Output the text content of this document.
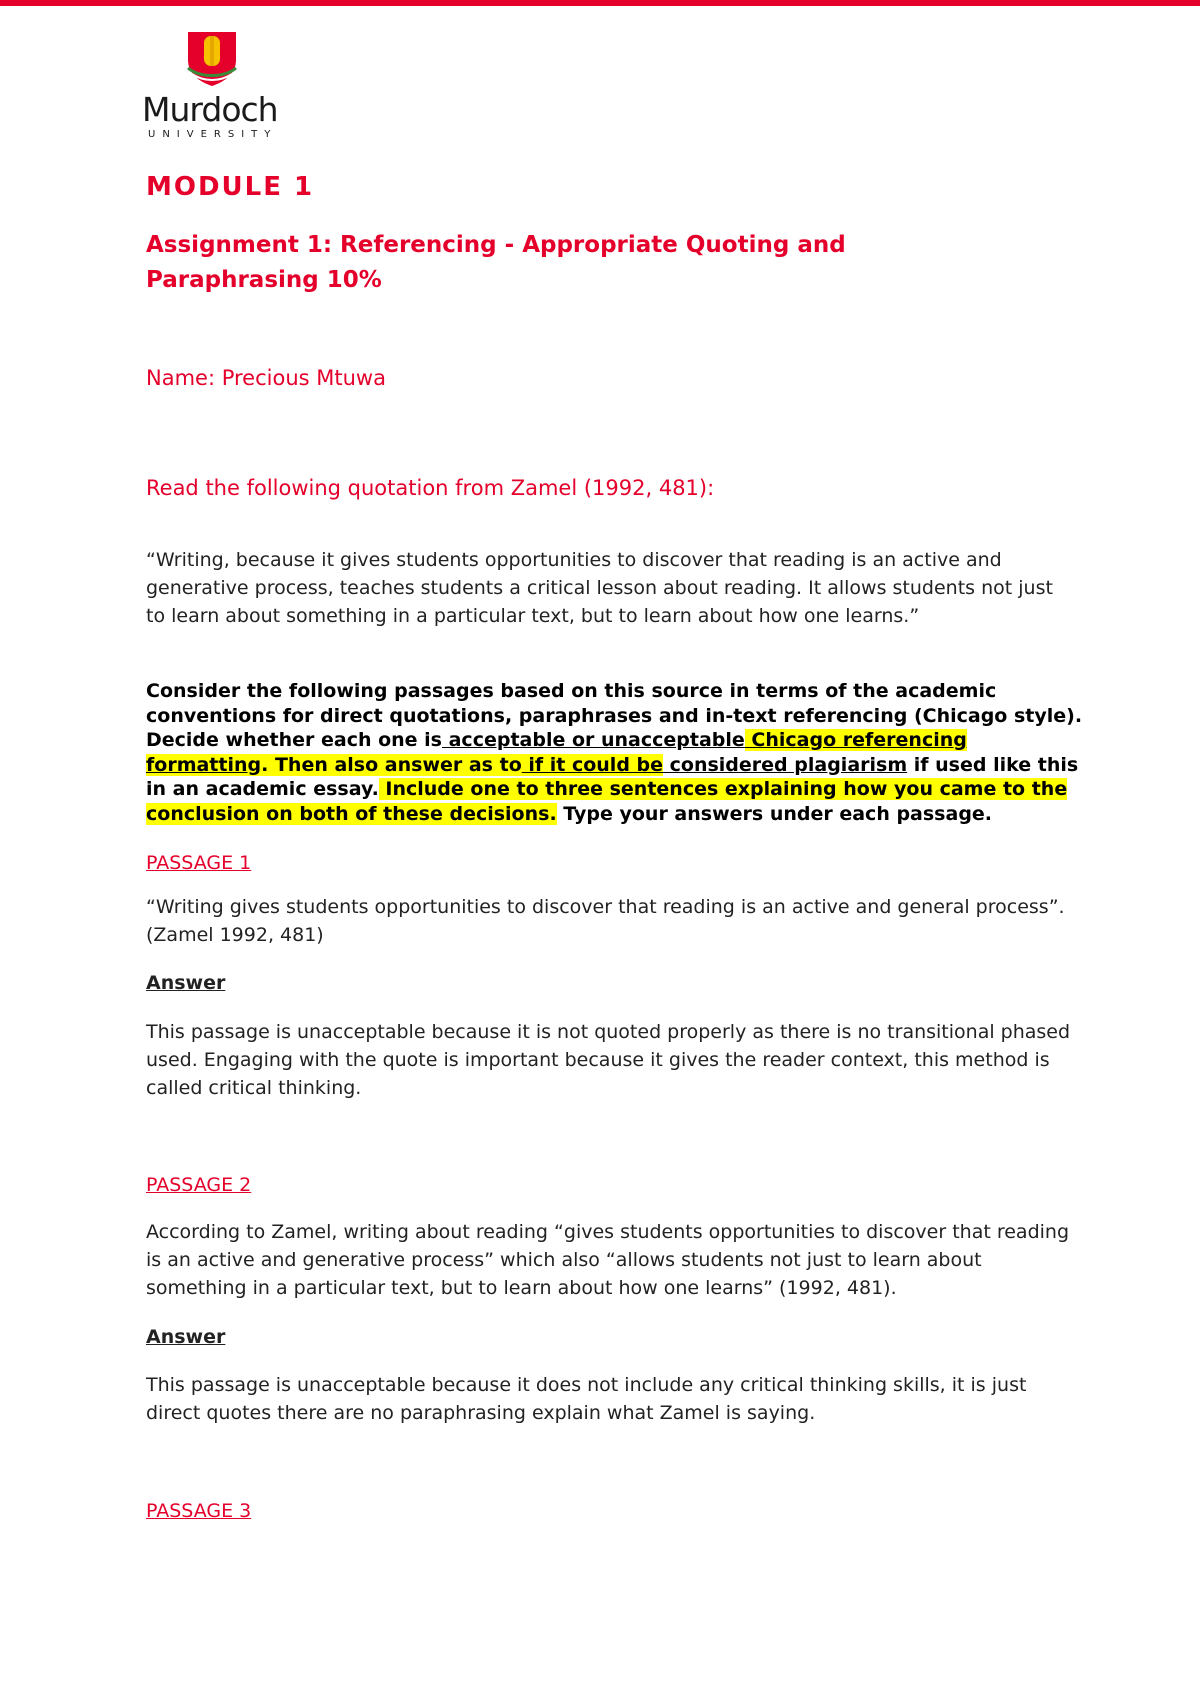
Murdoch
UNIVERSITY
MODULE 1
Assignment 1: Referencing - Appropriate Quoting and Paraphrasing 10%
Name: Precious Mtuwa
Read the following quotation from Zamel (1992, 481):
“Writing, because it gives students opportunities to discover that reading is an active and generative process, teaches students a critical lesson about reading. It allows students not just to learn about something in a particular text, but to learn about how one learns.”
Consider the following passages based on this source in terms of the academic conventions for direct quotations, paraphrases and in-text referencing (Chicago style). Decide whether each one is acceptable or unacceptable Chicago referencing formatting. Then also answer as to if it could be considered plagiarism if used like this in an academic essay. Include one to three sentences explaining how you came to the conclusion on both of these decisions. Type your answers under each passage.
PASSAGE 1
“Writing gives students opportunities to discover that reading is an active and general process”. (Zamel 1992, 481)
Answer
This passage is unacceptable because it is not quoted properly as there is no transitional phased used. Engaging with the quote is important because it gives the reader context, this method is called critical thinking.
PASSAGE 2
According to Zamel, writing about reading “gives students opportunities to discover that reading is an active and generative process” which also “allows students not just to learn about something in a particular text, but to learn about how one learns” (1992, 481).
Answer
This passage is unacceptable because it does not include any critical thinking skills, it is just direct quotes there are no paraphrasing explain what Zamel is saying.
PASSAGE 3
